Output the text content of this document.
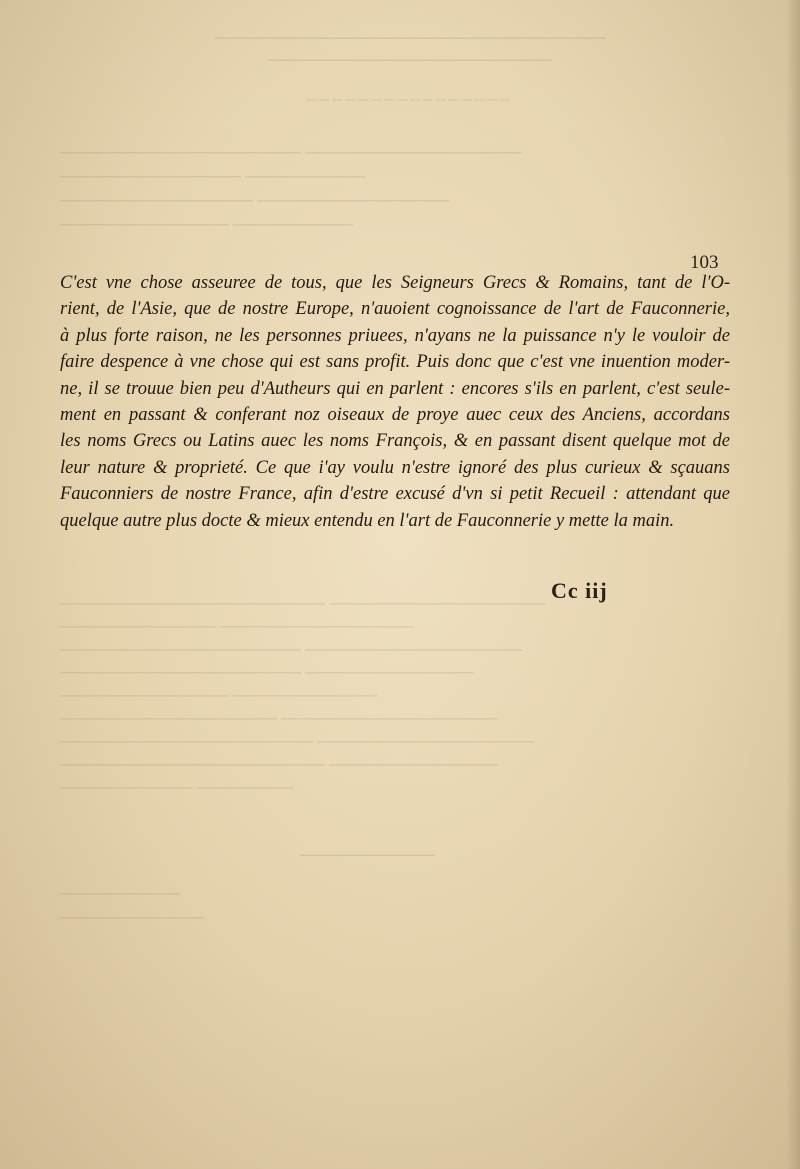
─────────────────────────────
─────────────────────
────────────────
──────────────────── ──────────────────
─────────────── ──────────
──────────────── ────────────────
────────────── ──────────
────────────────────── ──────────────────
───────────── ────────────────
──────────────────── ──────────────────
──────────────────── ──────────────
────────────── ────────────
────────────────── ──────────────────
───────────────────── ──────────────────
────────────────────── ──────────────
─────────── ────────
──────────
──────────
────────────
103

C'est vne chose asseuree de tous, que les Seigneurs Grecs & Romains, tant de l'O-
rient, de l'Asie, que de nostre Europe, n'auoient cognoissance de l'art de Fauconnerie,
à plus forte raison, ne les personnes priuees, n'ayans ne la puissance n'y le vouloir de
faire despence à vne chose qui est sans profit. Puis donc que c'est vne inuention moder-
ne, il se trouue bien peu d'Autheurs qui en parlent : encores s'ils en parlent, c'est seule-
ment en passant & conferant noz oiseaux de proye auec ceux des Anciens, accordans
les noms Grecs ou Latins auec les noms François, & en passant disent quelque mot de
leur nature & proprieté. Ce que i'ay voulu n'estre ignoré des plus curieux & sçauans
Fauconniers de nostre France, afin d'estre excusé d'vn si petit Recueil : attendant que
quelque autre plus docte & mieux entendu en l'art de Fauconnerie y mette la main.

Cc iij
